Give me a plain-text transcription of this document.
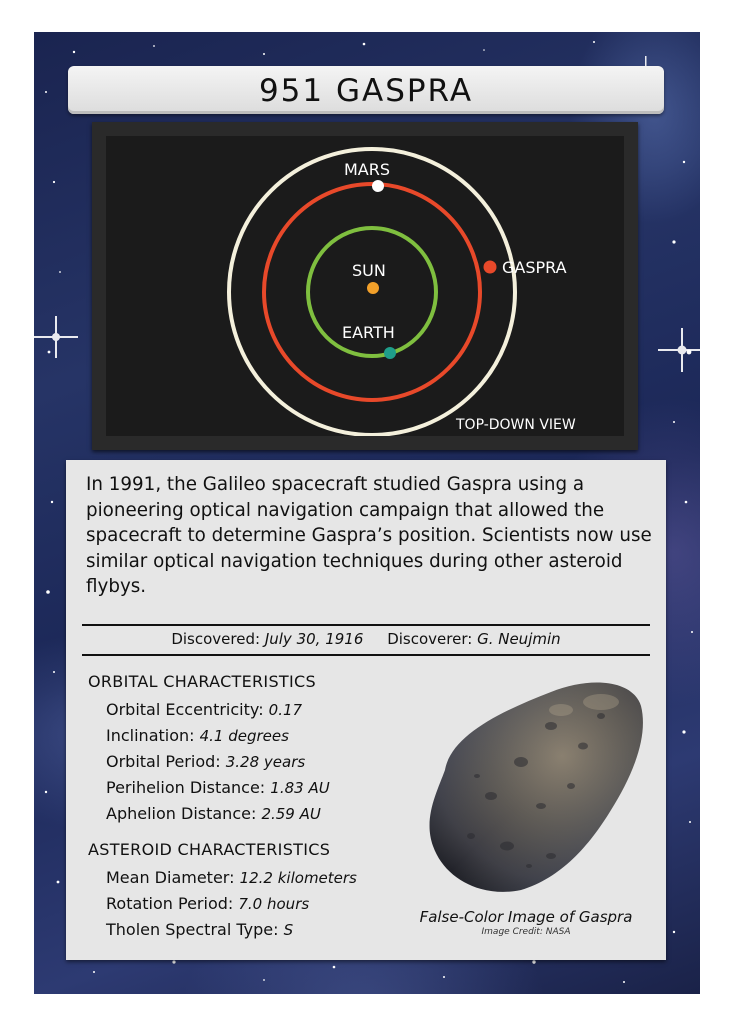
951 GASPRA
MARS
GASPRA
SUN
EARTH
TOP-DOWN VIEW
In 1991, the Galileo spacecraft studied Gaspra using a pioneering optical navigation campaign that allowed the spacecraft to determine Gaspra’s position. Scientists now use similar optical navigation techniques during other asteroid flybys.
Discovered: July 30, 1916 Discoverer: G. Neujmin
ORBITAL CHARACTERISTICS
Orbital Eccentricity: 0.17
Inclination: 4.1 degrees
Orbital Period: 3.28 years
Perihelion Distance: 1.83 AU
Aphelion Distance: 2.59 AU
ASTEROID CHARACTERISTICS
Mean Diameter: 12.2 kilometers
Rotation Period: 7.0 hours
Tholen Spectral Type: S
False-Color Image of Gaspra
Image Credit: NASA
